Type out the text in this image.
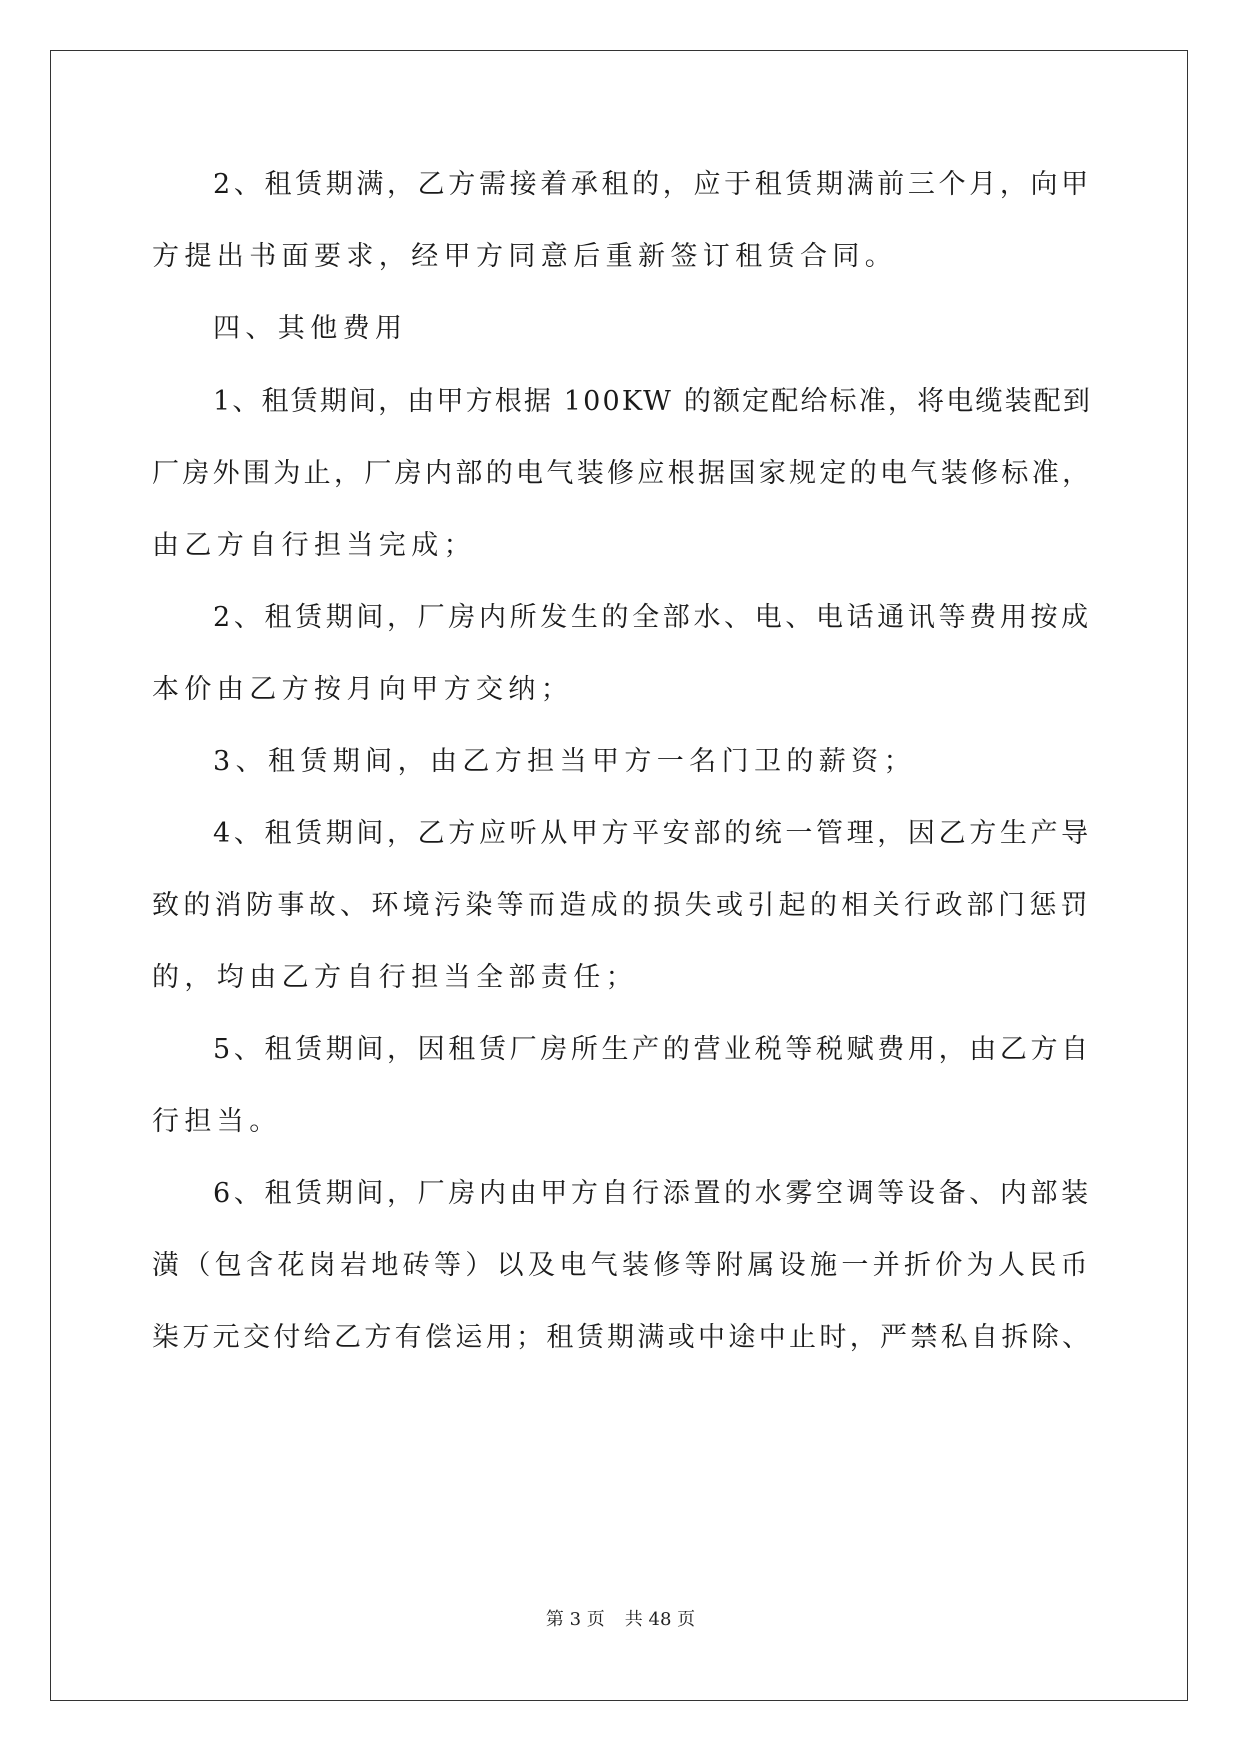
2、租赁期满，乙方需接着承租的，应于租赁期满前三个月，向甲
方提出书面要求，经甲方同意后重新签订租赁合同。
四、其他费用
1、租赁期间，由甲方根据 100KW 的额定配给标准，将电缆装配到
厂房外围为止，厂房内部的电气装修应根据国家规定的电气装修标准，
由乙方自行担当完成；
2、租赁期间，厂房内所发生的全部水、电、电话通讯等费用按成
本价由乙方按月向甲方交纳；
3、租赁期间，由乙方担当甲方一名门卫的薪资；
4、租赁期间，乙方应听从甲方平安部的统一管理，因乙方生产导
致的消防事故、环境污染等而造成的损失或引起的相关行政部门惩罚
的，均由乙方自行担当全部责任；
5、租赁期间，因租赁厂房所生产的营业税等税赋费用，由乙方自
行担当。
6、租赁期间，厂房内由甲方自行添置的水雾空调等设备、内部装
潢（包含花岗岩地砖等）以及电气装修等附属设施一并折价为人民币
柒万元交付给乙方有偿运用；租赁期满或中途中止时，严禁私自拆除、
第 3 页 共 48 页
